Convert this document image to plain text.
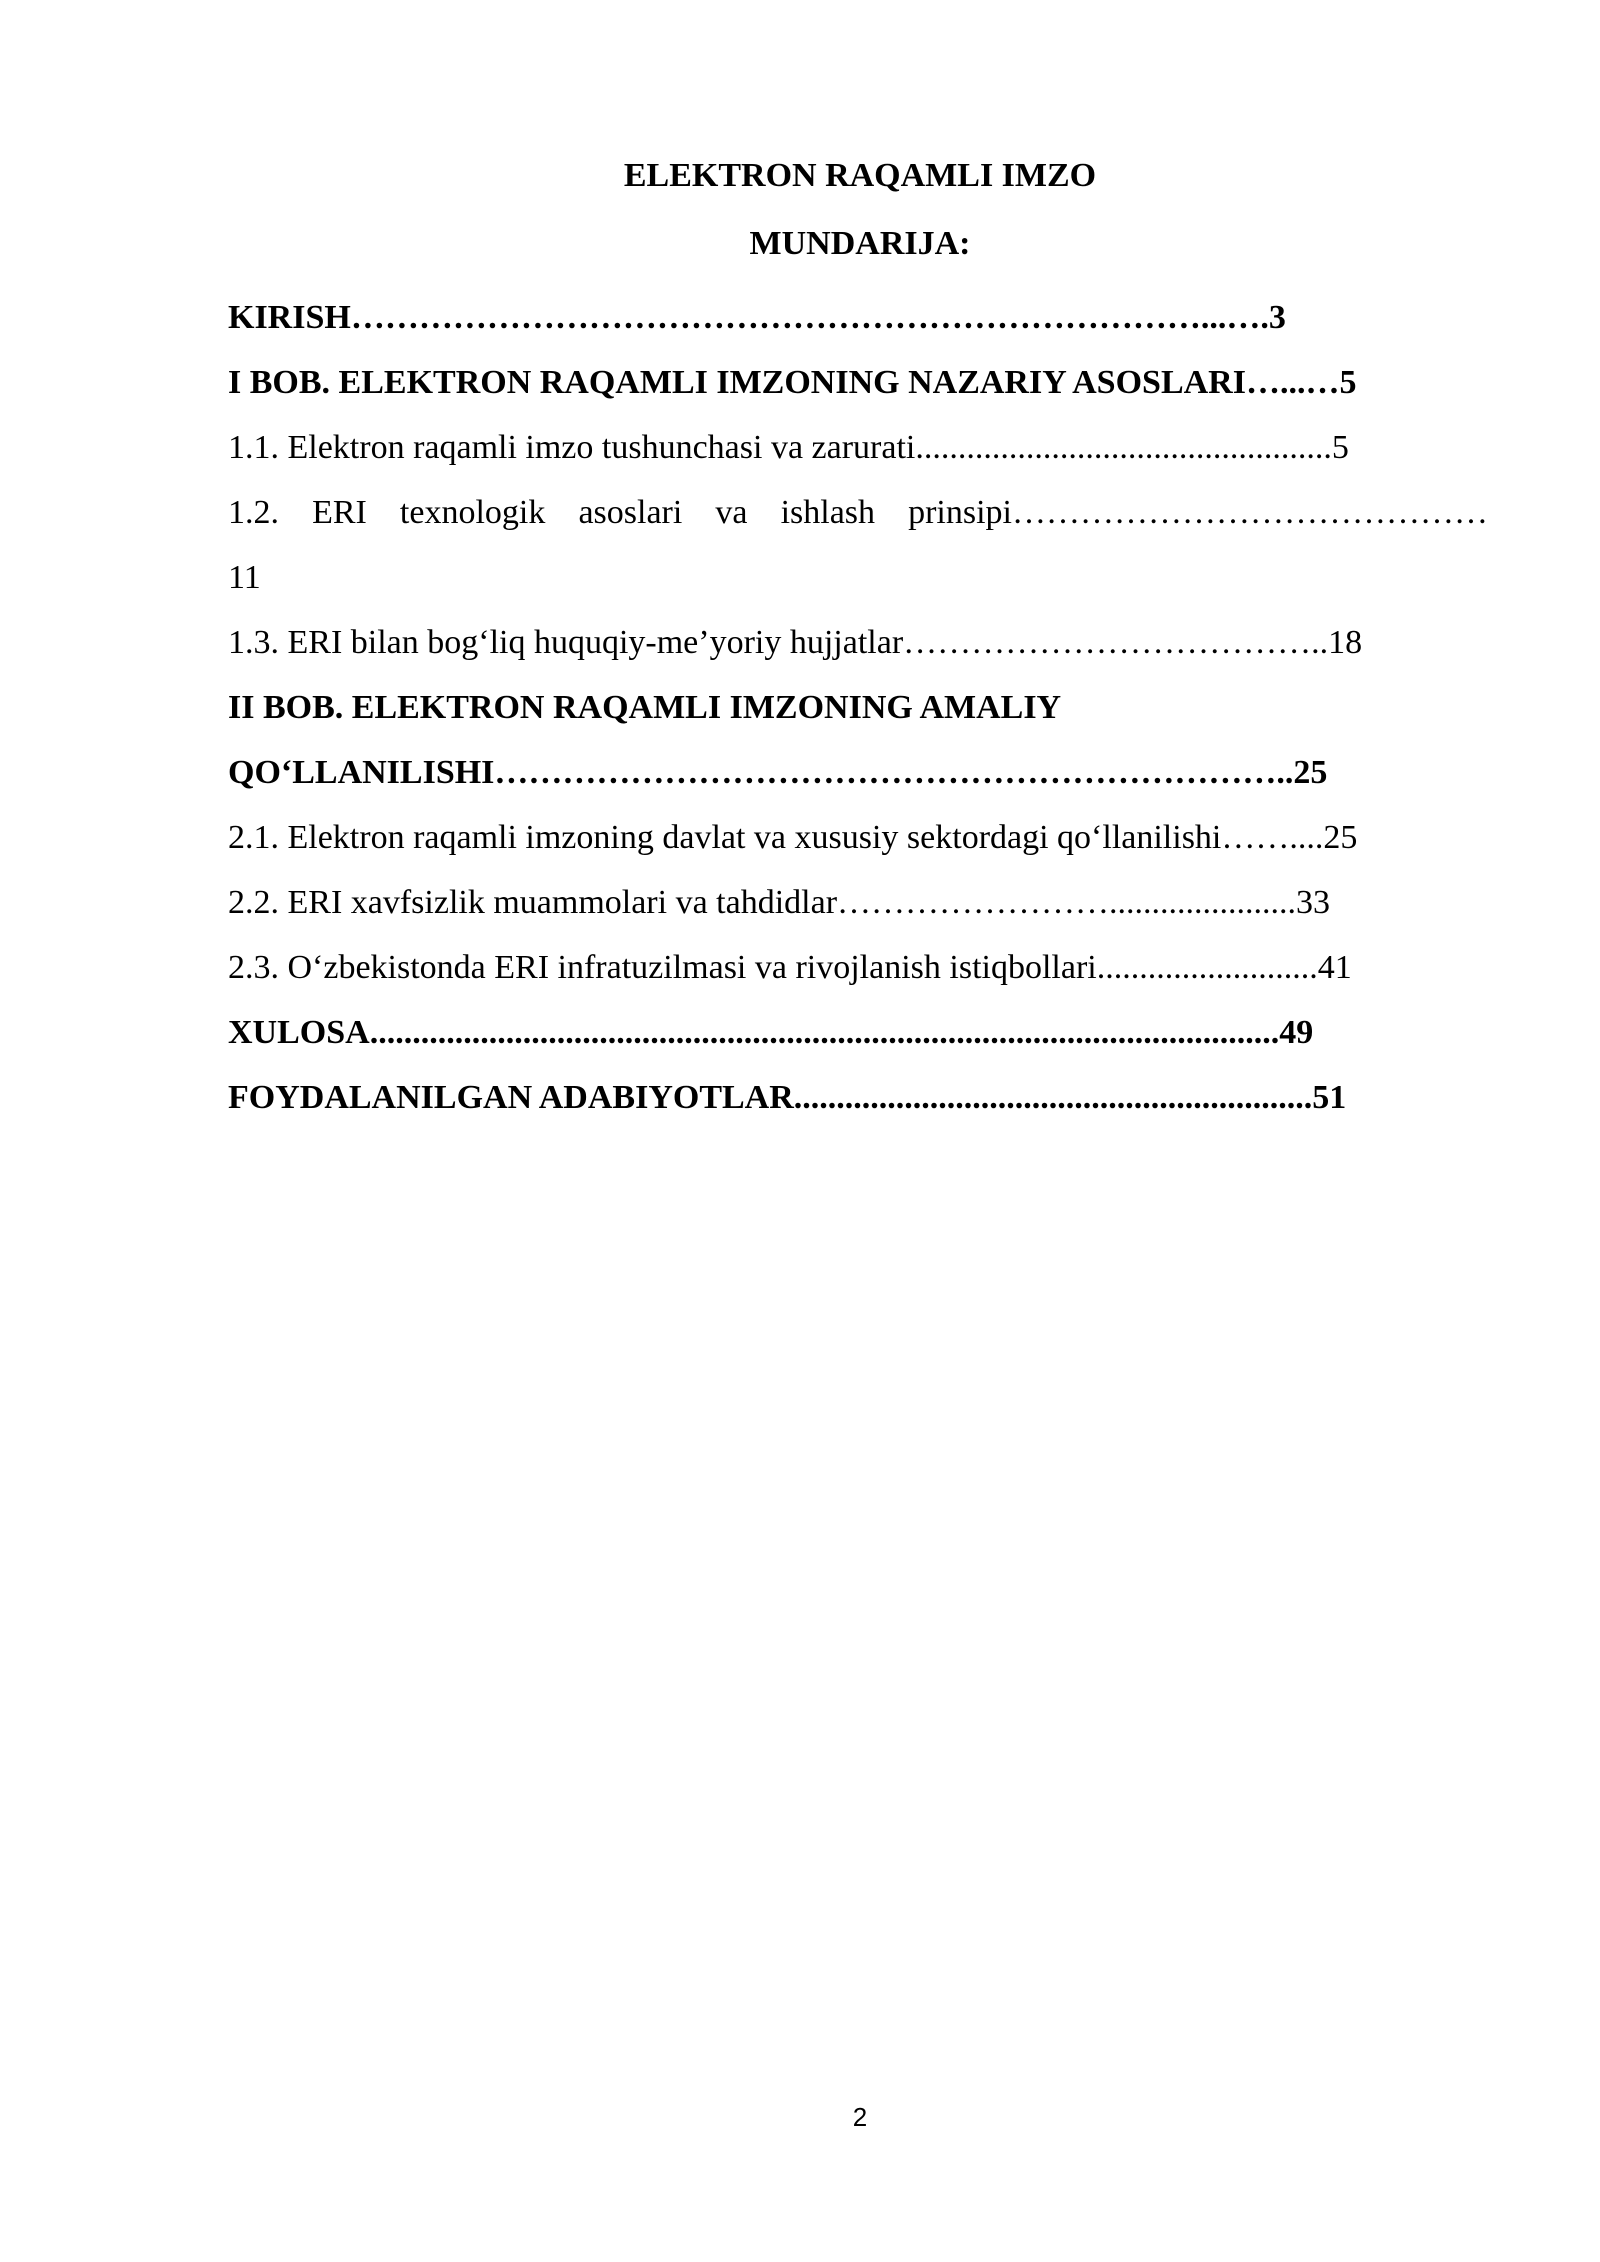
ELEKTRON RAQAMLI IMZO
MUNDARIJA:
KIRISH…………………………………………………………………...….3
I BOB. ELEKTRON RAQAMLI IMZONING NAZARIY ASOSLARI…...…5
1.1. Elektron raqamli imzo tushunchasi va zarurati.................................................5
1.2. ERI texnologik asoslari va ishlash prinsipi……………………………………
11
1.3. ERI bilan bog‘liq huquqiy-me’yoriy hujjatlar………………………………..18
II BOB. ELEKTRON RAQAMLI IMZONING AMALIY
QO‘LLANILISHI……………………………………………………………..25
2.1. Elektron raqamli imzoning davlat va xususiy sektordagi qo‘llanilishi……....25
2.2. ERI xavfsizlik muammolari va tahdidlar……………………......................33
2.3. O‘zbekistonda ERI infratuzilmasi va rivojlanish istiqbollari..........................41
XULOSA...........................................................................................................49
FOYDALANILGAN ADABIYOTLAR.............................................................51
2
